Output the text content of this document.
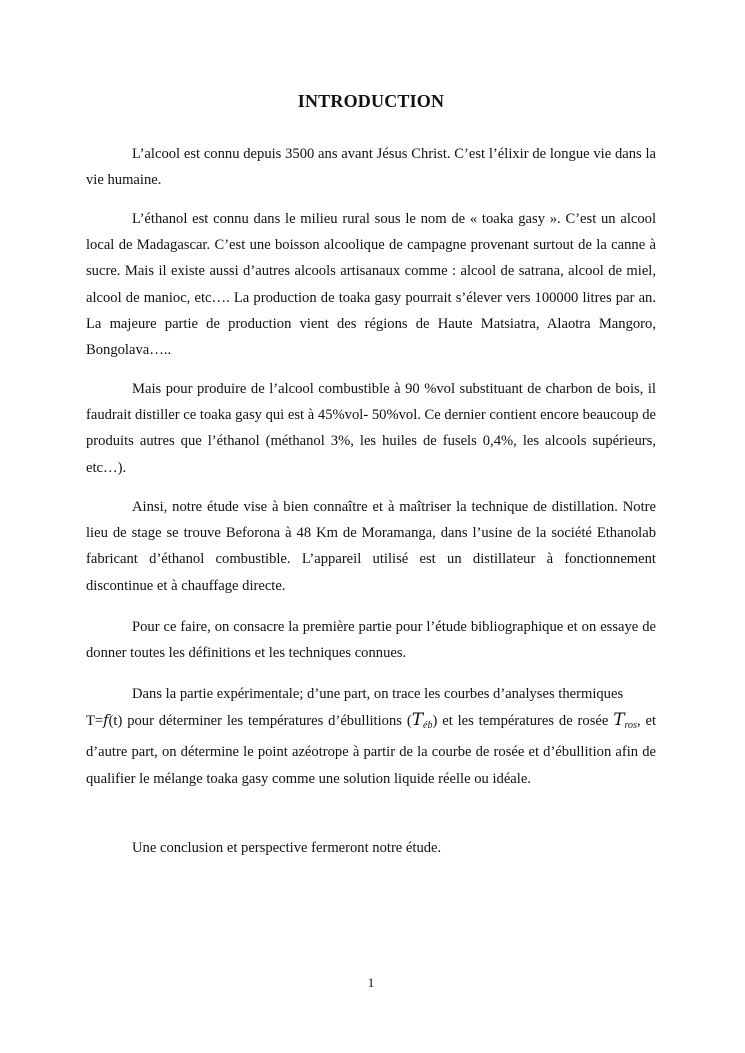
INTRODUCTION

L’alcool est connu depuis 3500 ans avant Jésus Christ. C’est l’élixir de longue vie dans la vie humaine.

L’éthanol est connu dans le milieu rural sous le nom de « toaka gasy ». C’est un alcool local de Madagascar. C’est une boisson alcoolique de campagne provenant surtout de la canne à sucre. Mais il existe aussi d’autres alcools artisanaux comme : alcool de satrana, alcool de miel, alcool de manioc, etc…. La production de toaka gasy pourrait s’élever vers 100000 litres par an. La majeure partie de production vient des régions de Haute Matsiatra, Alaotra Mangoro, Bongolava…..

Mais pour produire de l’alcool combustible à 90 %vol substituant de charbon de bois, il faudrait distiller ce toaka gasy qui est à 45%vol- 50%vol. Ce dernier contient encore beaucoup de produits autres que l’éthanol (méthanol 3%, les huiles de fusels 0,4%, les alcools supérieurs, etc…).

Ainsi, notre étude vise à bien connaître et à maîtriser la technique de distillation. Notre lieu de stage se trouve Beforona à 48 Km de Moramanga, dans l’usine de la société Ethanolab fabricant d’éthanol combustible. L’appareil utilisé est un distillateur à fonctionnement discontinue et à chauffage directe.

Pour ce faire, on consacre la première partie pour l’étude bibliographique et on essaye de donner toutes les définitions et les techniques connues.

Dans la partie expérimentale; d’une part, on trace les courbes d’analyses thermiques
T=f(t) pour déterminer les températures d’ébullitions $(T_{éb})$ et les températures de rosée $T_{ros}$, et d’autre part, on détermine le point azéotrope à partir de la courbe de rosée et d’ébullition afin de qualifier le mélange toaka gasy comme une solution liquide réelle ou idéale.

Une conclusion et perspective fermeront notre étude.

1
